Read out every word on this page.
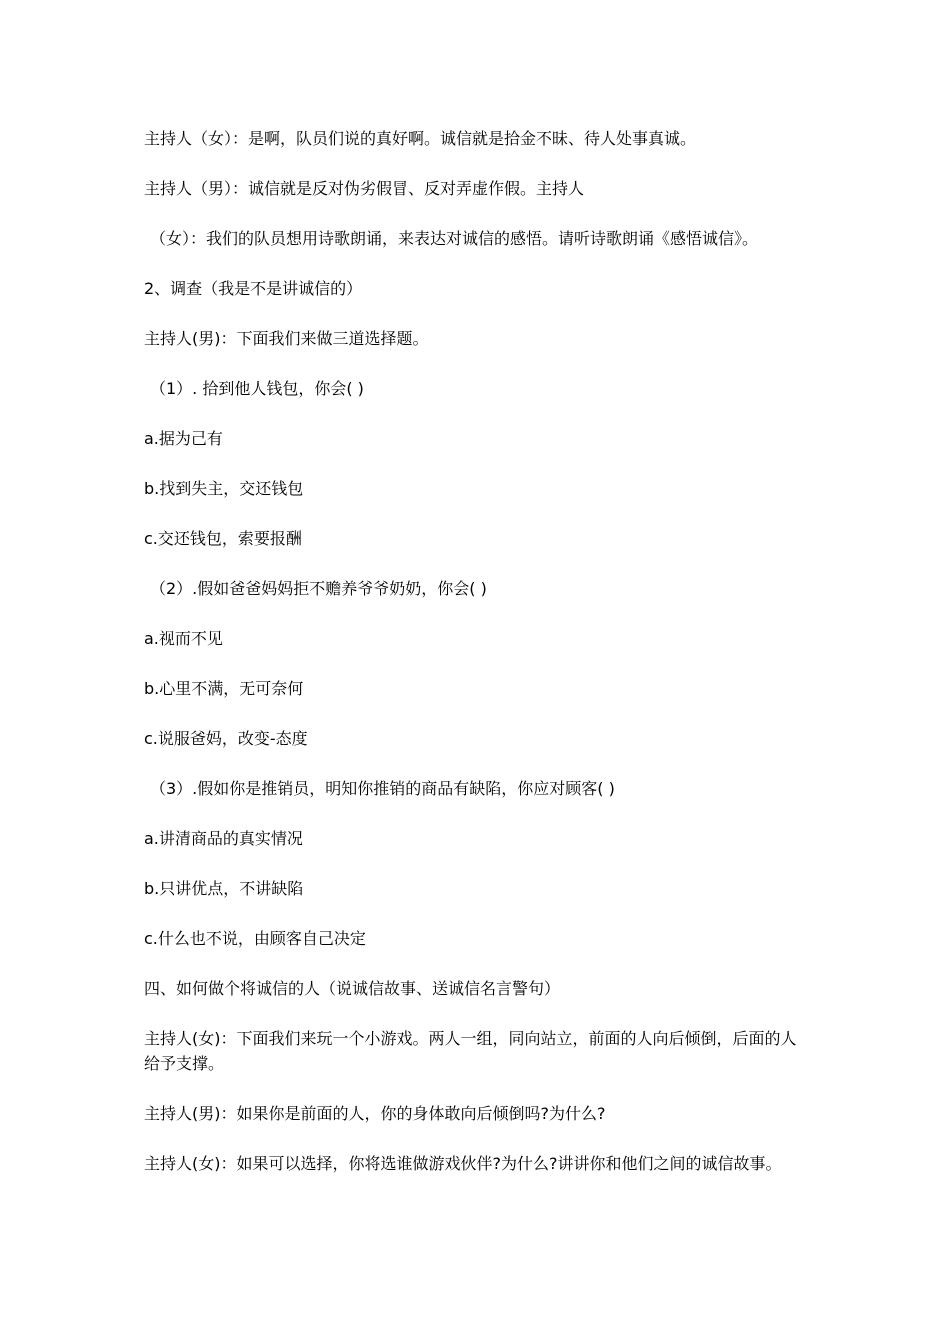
主持人（女）：是啊，队员们说的真好啊。诚信就是拾金不昧、待人处事真诚。

主持人（男）：诚信就是反对伪劣假冒、反对弄虚作假。主持人

（女）：我们的队员想用诗歌朗诵，来表达对诚信的感悟。请听诗歌朗诵《感悟诚信》。

2、调查（我是不是讲诚信的）

主持人(男)：下面我们来做三道选择题。

（1）. 拾到他人钱包，你会( )

a.据为己有

b.找到失主，交还钱包

c.交还钱包，索要报酬

（2）.假如爸爸妈妈拒不赡养爷爷奶奶，你会( )

a.视而不见

b.心里不满，无可奈何

c.说服爸妈，改变-态度

（3）.假如你是推销员，明知你推销的商品有缺陷，你应对顾客( )

a.讲清商品的真实情况

b.只讲优点，不讲缺陷

c.什么也不说，由顾客自己决定

四、如何做个将诚信的人（说诚信故事、送诚信名言警句）

主持人(女)：下面我们来玩一个小游戏。两人一组，同向站立，前面的人向后倾倒，后面的人给予支撑。

主持人(男)：如果你是前面的人，你的身体敢向后倾倒吗?为什么?

主持人(女)：如果可以选择，你将选谁做游戏伙伴?为什么?讲讲你和他们之间的诚信故事。
